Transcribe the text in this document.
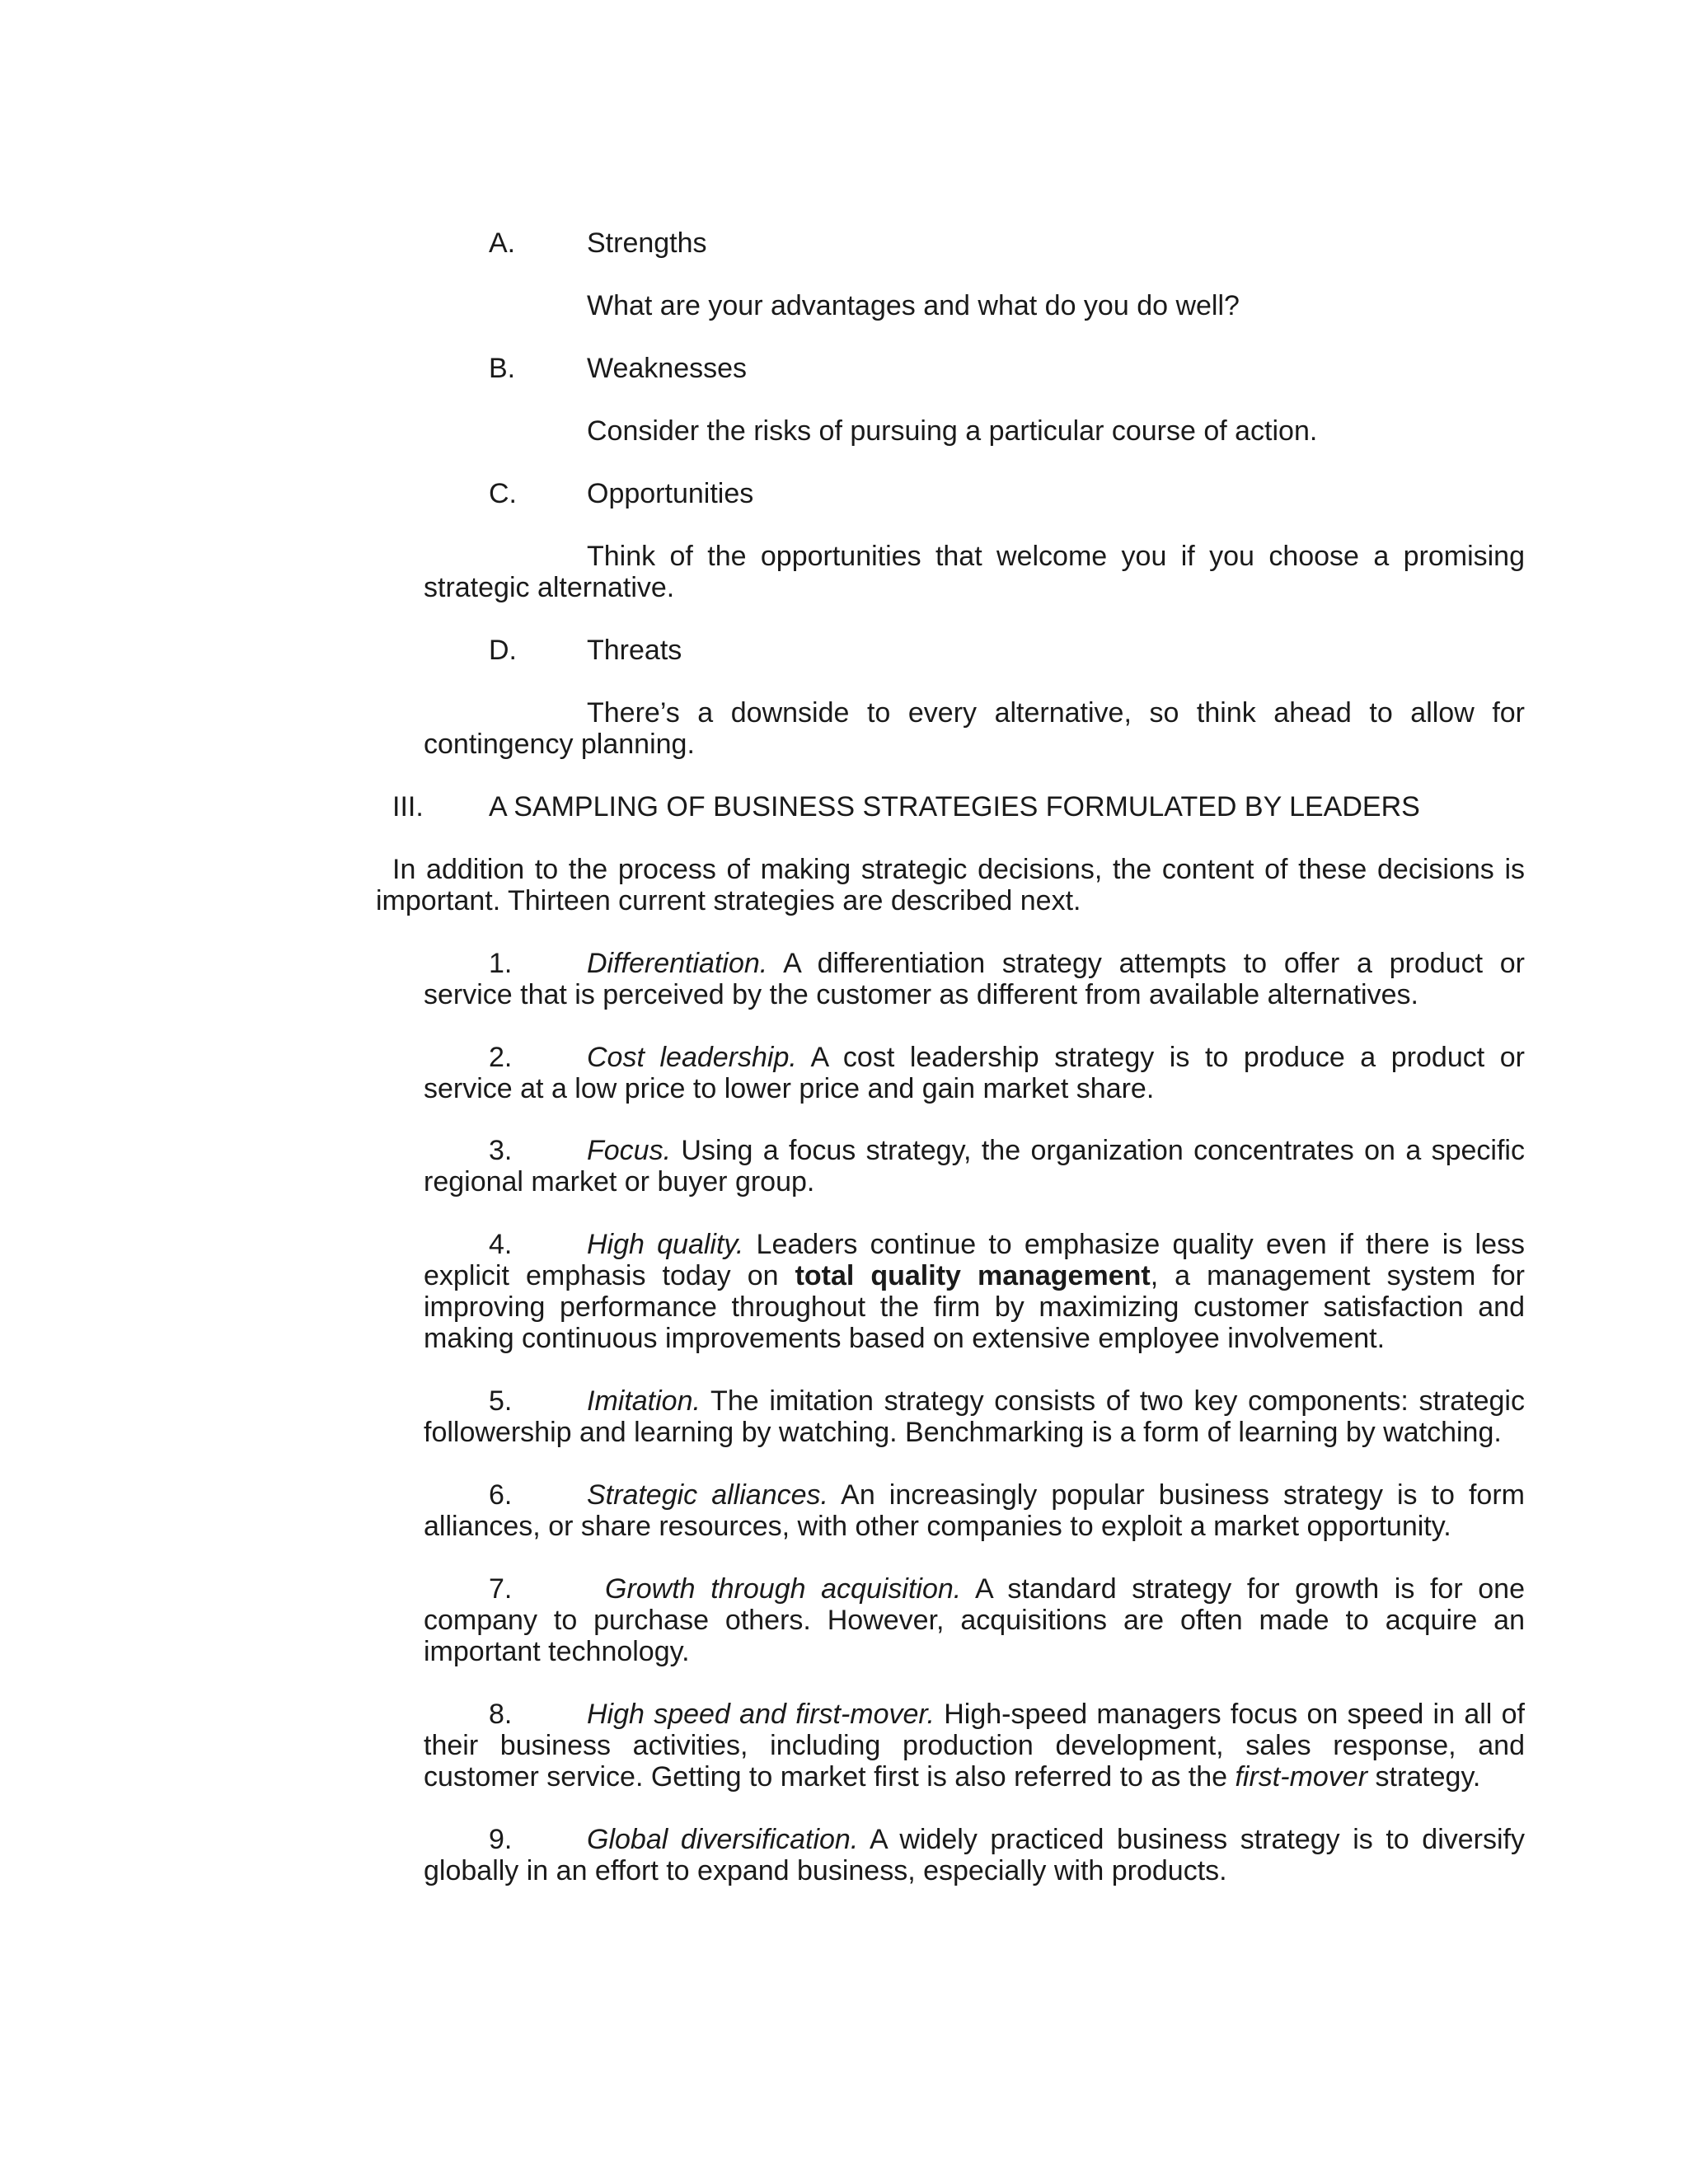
A.	Strengths
What are your advantages and what do you do well?
B.	Weaknesses
Consider the risks of pursuing a particular course of action.
C.	Opportunities
Think of the opportunities that welcome you if you choose a promising strategic alternative.
D.	Threats
There’s a downside to every alternative, so think ahead to allow for contingency planning.
III. A SAMPLING OF BUSINESS STRATEGIES FORMULATED BY LEADERS
In addition to the process of making strategic decisions, the content of these decisions is important. Thirteen current strategies are described next.
1.	Differentiation. A differentiation strategy attempts to offer a product or service that is perceived by the customer as different from available alternatives.
2.	Cost leadership. A cost leadership strategy is to produce a product or service at a low price to lower price and gain market share.
3.	Focus. Using a focus strategy, the organization concentrates on a specific regional market or buyer group.
4.	High quality. Leaders continue to emphasize quality even if there is less explicit emphasis today on total quality management, a management system for improving performance throughout the firm by maximizing customer satisfaction and making continuous improvements based on extensive employee involvement.
5.	Imitation. The imitation strategy consists of two key components: strategic followership and learning by watching. Benchmarking is a form of learning by watching.
6.	Strategic alliances. An increasingly popular business strategy is to form alliances, or share resources, with other companies to exploit a market opportunity.
7.	Growth through acquisition. A standard strategy for growth is for one company to purchase others. However, acquisitions are often made to acquire an important technology.
8.	High speed and first-mover. High-speed managers focus on speed in all of their business activities, including production development, sales response, and customer service. Getting to market first is also referred to as the first-mover strategy.
9.	Global diversification. A widely practiced business strategy is to diversify globally in an effort to expand business, especially with products.
